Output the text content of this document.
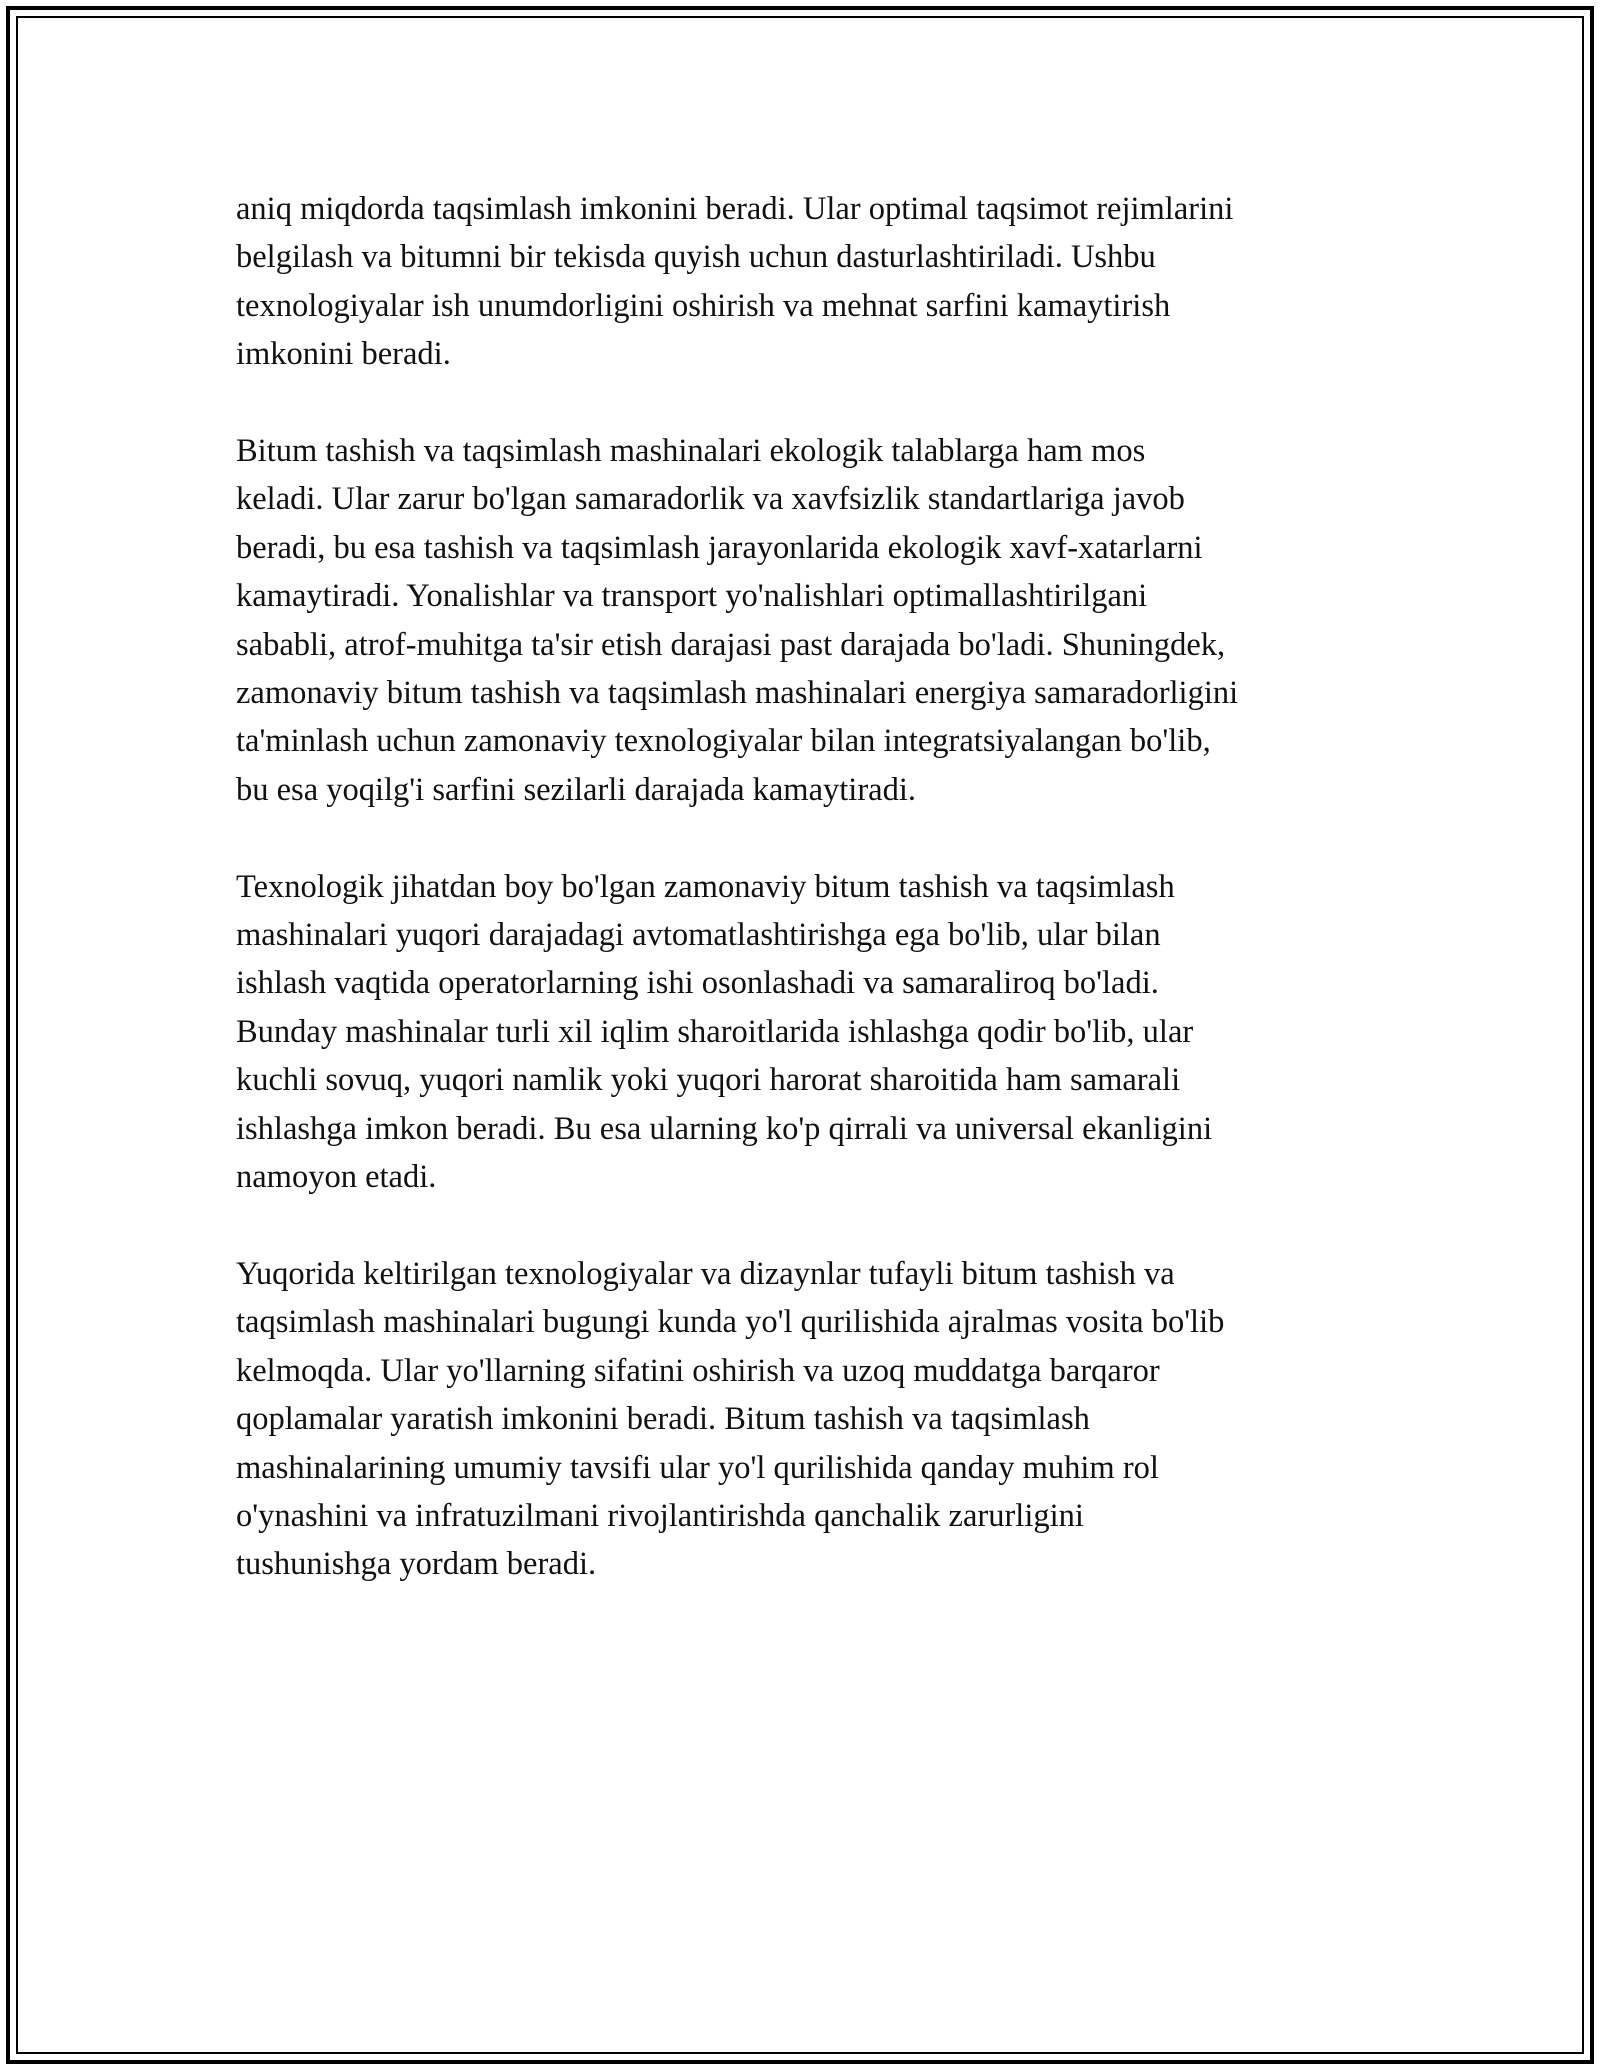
aniq miqdorda taqsimlash imkonini beradi. Ular optimal taqsimot rejimlarini
belgilash va bitumni bir tekisda quyish uchun dasturlashtiriladi. Ushbu
texnologiyalar ish unumdorligini oshirish va mehnat sarfini kamaytirish
imkonini beradi.

Bitum tashish va taqsimlash mashinalari ekologik talablarga ham mos
keladi. Ular zarur bo'lgan samaradorlik va xavfsizlik standartlariga javob
beradi, bu esa tashish va taqsimlash jarayonlarida ekologik xavf-xatarlarni
kamaytiradi. Yonalishlar va transport yo'nalishlari optimallashtirilgani
sababli, atrof-muhitga ta'sir etish darajasi past darajada bo'ladi. Shuningdek,
zamonaviy bitum tashish va taqsimlash mashinalari energiya samaradorligini
ta'minlash uchun zamonaviy texnologiyalar bilan integratsiyalangan bo'lib,
bu esa yoqilg'i sarfini sezilarli darajada kamaytiradi.

Texnologik jihatdan boy bo'lgan zamonaviy bitum tashish va taqsimlash
mashinalari yuqori darajadagi avtomatlashtirishga ega bo'lib, ular bilan
ishlash vaqtida operatorlarning ishi osonlashadi va samaraliroq bo'ladi.
Bunday mashinalar turli xil iqlim sharoitlarida ishlashga qodir bo'lib, ular
kuchli sovuq, yuqori namlik yoki yuqori harorat sharoitida ham samarali
ishlashga imkon beradi. Bu esa ularning ko'p qirrali va universal ekanligini
namoyon etadi.

Yuqorida keltirilgan texnologiyalar va dizaynlar tufayli bitum tashish va
taqsimlash mashinalari bugungi kunda yo'l qurilishida ajralmas vosita bo'lib
kelmoqda. Ular yo'llarning sifatini oshirish va uzoq muddatga barqaror
qoplamalar yaratish imkonini beradi. Bitum tashish va taqsimlash
mashinalarining umumiy tavsifi ular yo'l qurilishida qanday muhim rol
o'ynashini va infratuzilmani rivojlantirishda qanchalik zarurligini
tushunishga yordam beradi.
